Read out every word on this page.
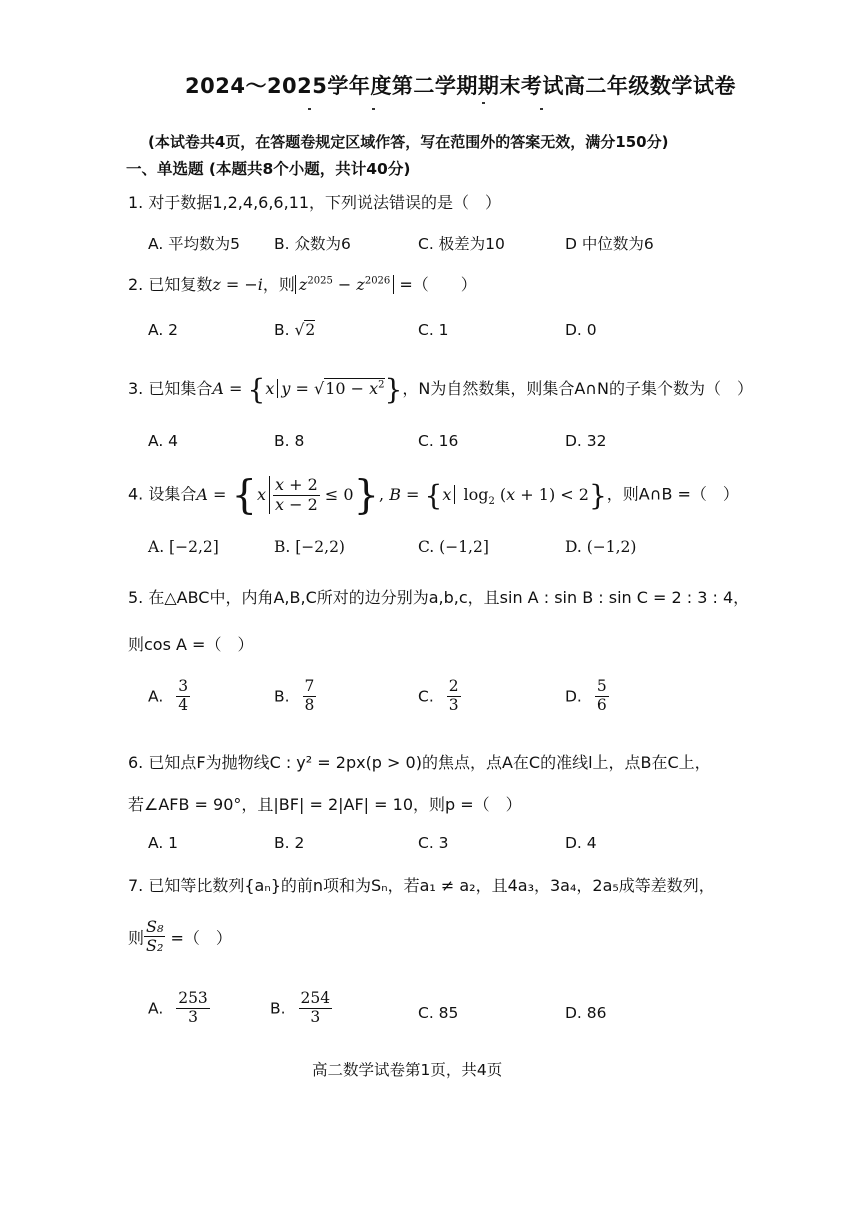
2024～2025学年度第二学期期末考试高二年级数学试卷
(本试卷共4页，在答题卷规定区域作答，写在范围外的答案无效，满分150分)
一、单选题 (本题共8个小题，共计40分)
1. 对于数据1,2,4,6,6,11，下列说法错误的是（　）
A. 平均数为5 B. 众数为6	C. 极差为10	D 中位数为6
2. 已知复数z = −i，则 $z^{2025} - z^{2026}$ =（　　）
A. 2	B. √2	C. 1	D. 0
3. 已知集合A = {x $y = √10 - x^2$}，N为自然数集，则集合A∩N的子集个数为（　）
A. 4	B. 8	C. 16	D. 32
4. 设集合$A = \{x \frac{x + 2}{x - 2} \le 0\}$, B = {x $\log_2 (x + 1) < 2$}，则A∩B =（　）
A. [−2,2]	B. [−2,2)	C. (−1,2]	D. (−1,2)
5. 在△ABC中，内角A,B,C所对的边分别为a,b,c，且sin A : sin B : sin C = 2 : 3 : 4，
则cos A =（　）
A. $\frac{3}{4}$	B. $\frac{7}{8}$	C. $\frac{2}{3}$	D. $\frac{5}{6}$
6. 已知点F为抛物线C : y² = 2px(p > 0)的焦点，点A在C的准线l上，点B在C上，
若∠AFB = 90°，且|BF| = 2|AF| = 10，则p =（　）
A. 1	B. 2	C. 3	D. 4
7. 已知等比数列{aₙ}的前n项和为Sₙ，若a₁ ≠ a₂，且4a₃，3a₄，2a₅成等差数列，
则 $\frac{\text{S₈}}{\text{S₂}}$ =（　）
A. $\frac{253}{3}$	B. $\frac{254}{3}$	C. 85	D. 86
高二数学试卷第1页，共4页
